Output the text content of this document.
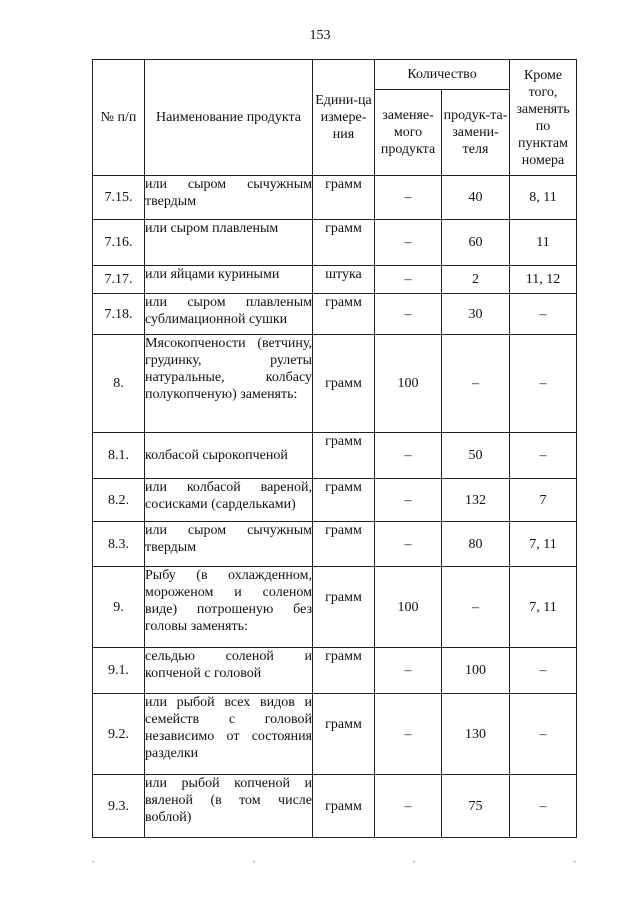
153
№ п/п	Наименование продукта	Едини-ца измере-ния	Количество		Кроме того, заменять по пунктам номера
			заменяе-мого продукта	продук-та-замени-теля	
7.15.	или сыром сычужным твердым	грамм	–	40	8, 11
7.16.	или сыром плавленым	грамм	–	60	11
7.17.	или яйцами куриными	штука	–	2	11, 12
7.18.	или сыром плавленым сублимационной сушки	грамм	–	30	–
8.	Мясокопчености (ветчину, грудинку, рулеты натуральные, колбасу полукопченую) заменять:	грамм	100	–	–
8.1.	колбасой сырокопченой	грамм	–	50	–
8.2.	или колбасой вареной, сосисками (сардельками)	грамм	–	132	7
8.3.	или сыром сычужным твердым	грамм	–	80	7, 11
9.	Рыбу (в охлажденном, мороженом и соленом виде) потрошеную без головы заменять:	грамм	100	–	7, 11
9.1.	сельдью соленой и копченой с головой	грамм	–	100	–
9.2.	или рыбой всех видов и семейств с головой независимо от состояния разделки	грамм	–	130	–
9.3.	или рыбой копченой и вяленой (в том числе воблой)	грамм	–	75	–
-	-	-	-
